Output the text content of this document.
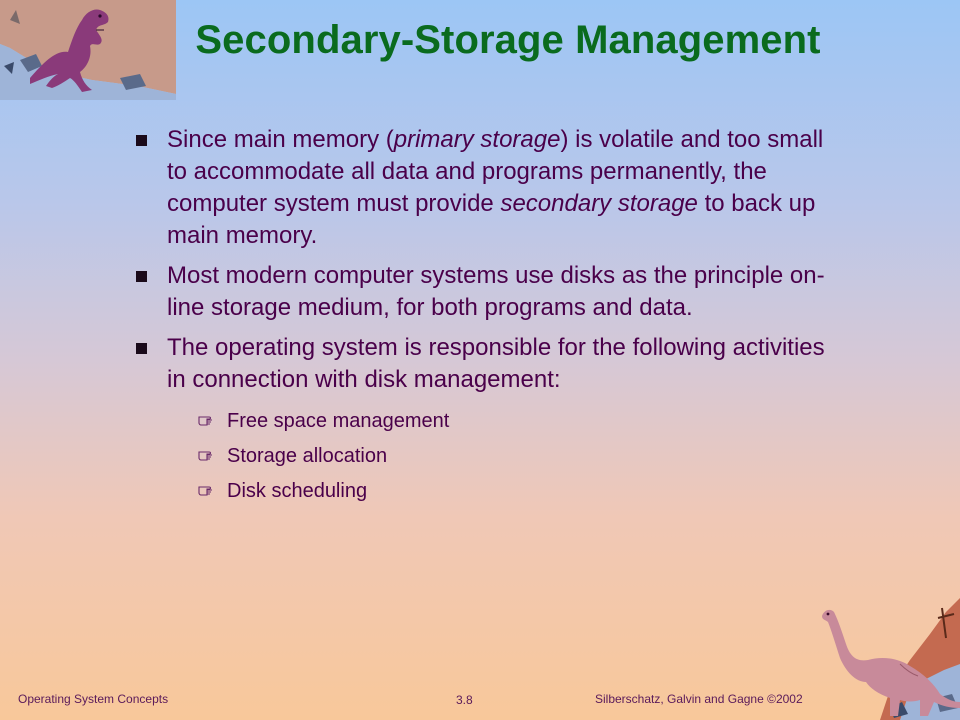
Secondary-Storage Management
Since main memory (primary storage) is volatile and too small to accommodate all data and programs permanently, the computer system must provide secondary storage to back up main memory.
Most modern computer systems use disks as the principle on-line storage medium, for both programs and data.
The operating system is responsible for the following activities in connection with disk management:
Free space management
Storage allocation
Disk scheduling
Operating System Concepts	3.8	Silberschatz, Galvin and Gagne ©2002
